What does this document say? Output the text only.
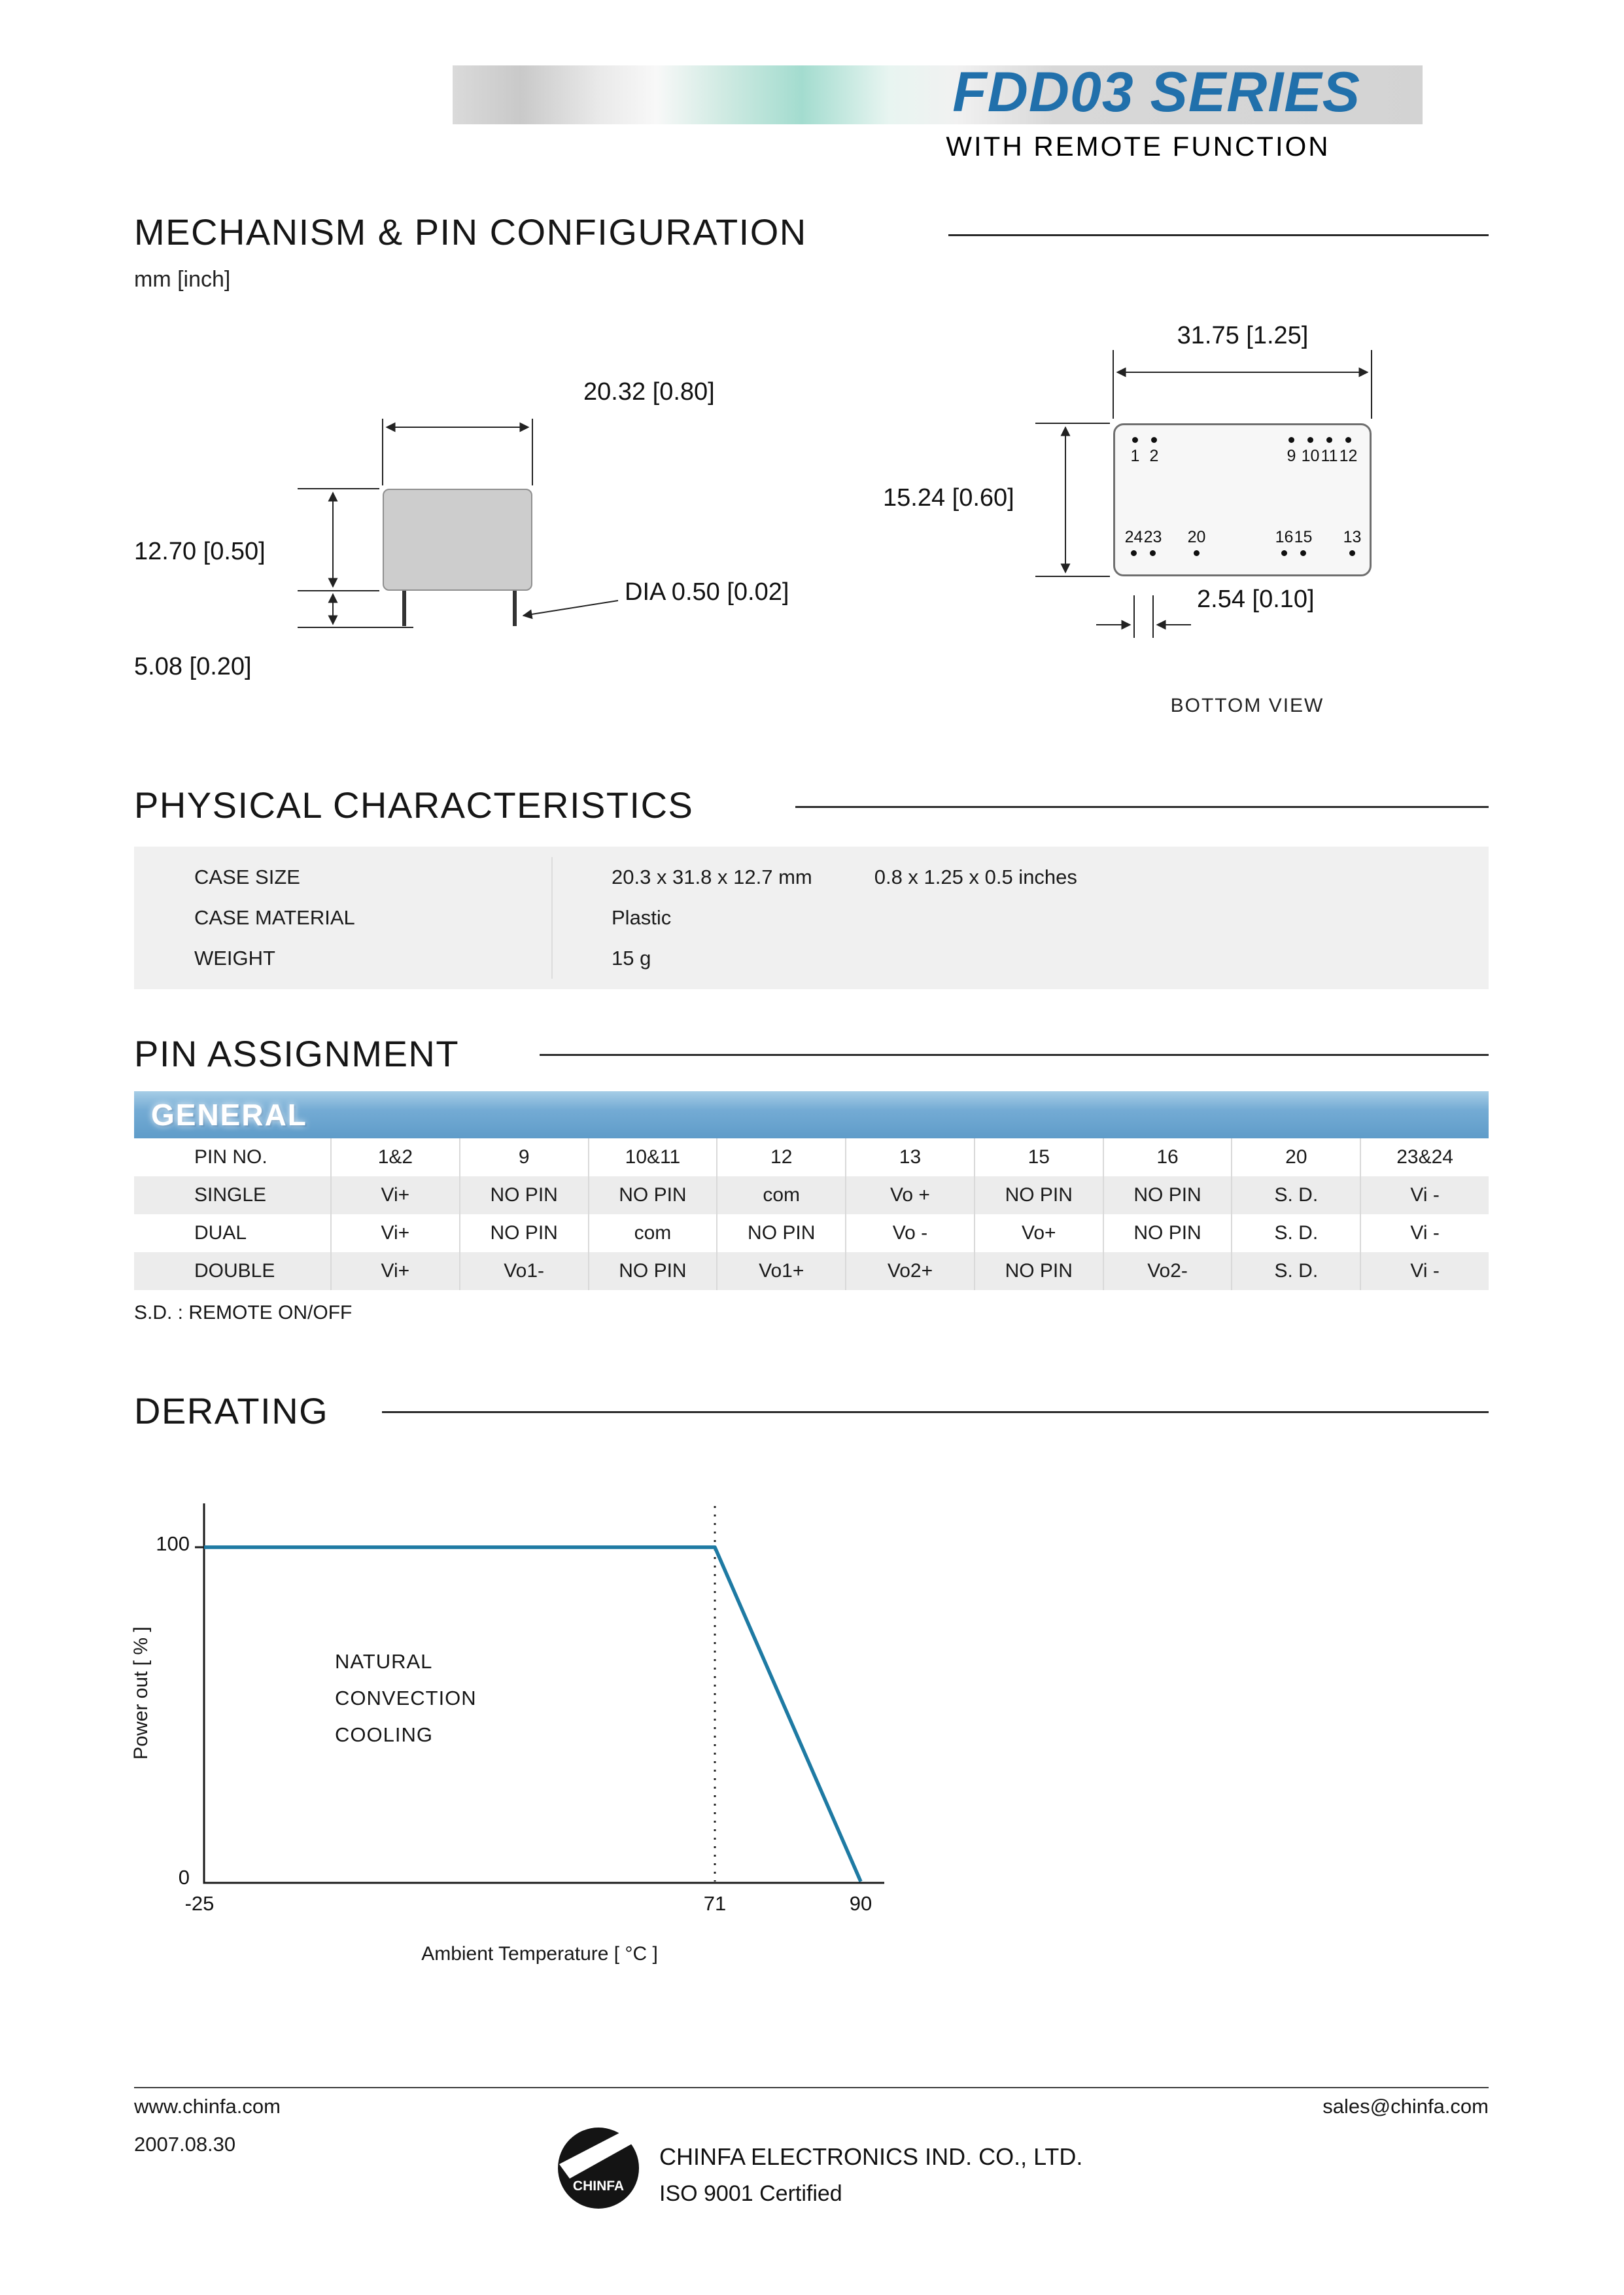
FDD03 SERIES
WITH REMOTE FUNCTION
MECHANISM & PIN CONFIGURATION
mm [inch]
20.32 [0.80]
12.70 [0.50]
5.08 [0.20]
DIA 0.50 [0.02]
1 2	9 10 11 12
24 23 20	16 15 13
31.75 [1.25]
15.24 [0.60]
2.54 [0.10]
BOTTOM VIEW
PHYSICAL CHARACTERISTICS
CASE SIZE	20.3 x 31.8 x 12.7 mm	0.8 x 1.25 x 0.5 inches
CASE MATERIAL	Plastic
WEIGHT	15 g
PIN ASSIGNMENT
GENERAL
PIN NO.	1&2	9	10&11	12	13	15	16	20	23&24
SINGLE	Vi+	NO PIN	NO PIN	com	Vo +	NO PIN	NO PIN	S. D.	Vi -
DUAL	Vi+	NO PIN	com	NO PIN	Vo -	Vo+	NO PIN	S. D.	Vi -
DOUBLE	Vi+	Vo1-	NO PIN	Vo1+	Vo2+	NO PIN	Vo2-	S. D.	Vi -
S.D. : REMOTE ON/OFF
DERATING
Power out [ % ]
100
0
-25	71	90
NATURAL
CONVECTION
COOLING
Ambient Temperature [ °C ]
www.chinfa.com	sales@chinfa.com
2007.08.30
CHINFA
CHINFA ELECTRONICS IND. CO., LTD.
ISO 9001 Certified
